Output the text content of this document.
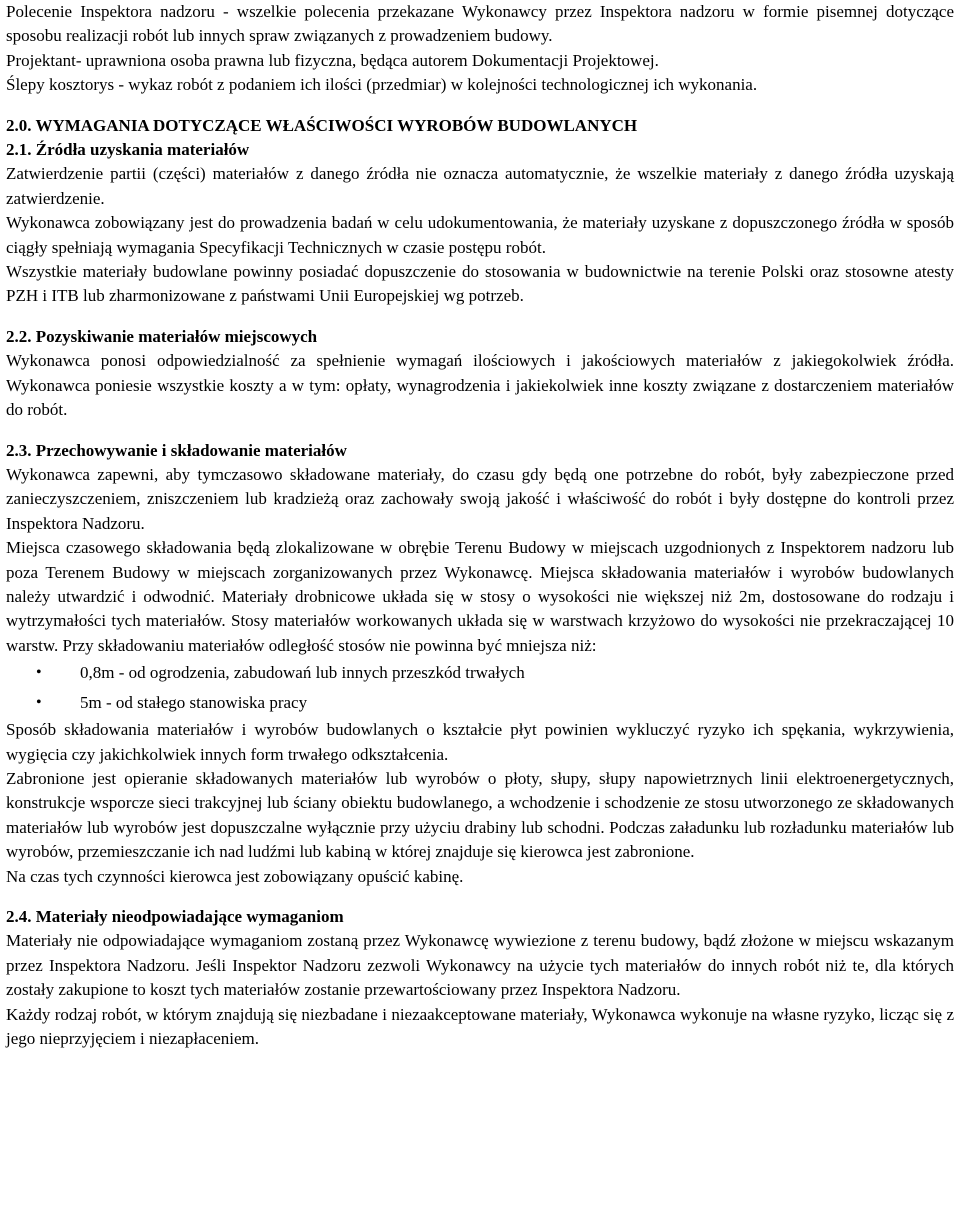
Polecenie Inspektora nadzoru - wszelkie polecenia przekazane Wykonawcy przez Inspektora nadzoru w formie pisemnej dotyczące sposobu realizacji robót lub innych spraw związanych z prowadzeniem budowy.

Projektant- uprawniona osoba prawna lub fizyczna, będąca autorem Dokumentacji Projektowej.

Ślepy kosztorys - wykaz robót z podaniem ich ilości (przedmiar) w kolejności technologicznej ich wykonania.

2.0. WYMAGANIA DOTYCZĄCE WŁAŚCIWOŚCI WYROBÓW BUDOWLANYCH
2.1. Źródła uzyskania materiałów

Zatwierdzenie partii (części) materiałów z danego źródła nie oznacza automatycznie, że wszelkie materiały z danego źródła uzyskają zatwierdzenie.

Wykonawca zobowiązany jest do prowadzenia badań w celu udokumentowania, że materiały uzyskane z dopuszczonego źródła w sposób ciągły spełniają wymagania Specyfikacji Technicznych w czasie postępu robót.

Wszystkie materiały budowlane powinny posiadać dopuszczenie do stosowania w budownictwie na terenie Polski oraz stosowne atesty PZH i ITB lub zharmonizowane z państwami Unii Europejskiej wg potrzeb.

2.2. Pozyskiwanie materiałów miejscowych

Wykonawca ponosi odpowiedzialność za spełnienie wymagań ilościowych i jakościowych materiałów z jakiegokolwiek źródła. Wykonawca poniesie wszystkie koszty a w tym: opłaty, wynagrodzenia i jakiekolwiek inne koszty związane z dostarczeniem materiałów do robót.

2.3. Przechowywanie i składowanie materiałów

Wykonawca zapewni, aby tymczasowo składowane materiały, do czasu gdy będą one potrzebne do robót, były zabezpieczone przed zanieczyszczeniem, zniszczeniem lub kradzieżą oraz zachowały swoją jakość i właściwość do robót i były dostępne do kontroli przez Inspektora Nadzoru.

Miejsca czasowego składowania będą zlokalizowane w obrębie Terenu Budowy w miejscach uzgodnionych z Inspektorem nadzoru lub poza Terenem Budowy w miejscach zorganizowanych przez Wykonawcę. Miejsca składowania materiałów i wyrobów budowlanych należy utwardzić i odwodnić. Materiały drobnicowe układa się w stosy o wysokości nie większej niż 2m, dostosowane do rodzaju i wytrzymałości tych materiałów. Stosy materiałów workowanych układa się w warstwach krzyżowo do wysokości nie przekraczającej 10 warstw. Przy składowaniu materiałów odległość stosów nie powinna być mniejsza niż:

• 0,8m - od ogrodzenia, zabudowań lub innych przeszkód trwałych
• 5m - od stałego stanowiska pracy

Sposób składowania materiałów i wyrobów budowlanych o kształcie płyt powinien wykluczyć ryzyko ich spękania, wykrzywienia, wygięcia czy jakichkolwiek innych form trwałego odkształcenia.

Zabronione jest opieranie składowanych materiałów lub wyrobów o płoty, słupy, słupy napowietrznych linii elektroenergetycznych, konstrukcje wsporcze sieci trakcyjnej lub ściany obiektu budowlanego, a wchodzenie i schodzenie ze stosu utworzonego ze składowanych materiałów lub wyrobów jest dopuszczalne wyłącznie przy użyciu drabiny lub schodni. Podczas załadunku lub rozładunku materiałów lub wyrobów, przemieszczanie ich nad ludźmi lub kabiną w której znajduje się kierowca jest zabronione.

Na czas tych czynności kierowca jest zobowiązany opuścić kabinę.

2.4. Materiały nieodpowiadające wymaganiom

Materiały nie odpowiadające wymaganiom zostaną przez Wykonawcę wywiezione z terenu budowy, bądź złożone w miejscu wskazanym przez Inspektora Nadzoru. Jeśli Inspektor Nadzoru zezwoli Wykonawcy na użycie tych materiałów do innych robót niż te, dla których zostały zakupione to koszt tych materiałów zostanie przewartościowany przez Inspektora Nadzoru.

Każdy rodzaj robót, w którym znajdują się niezbadane i niezaakceptowane materiały, Wykonawca wykonuje na własne ryzyko, licząc się z jego nieprzyjęciem i niezapłaceniem.
